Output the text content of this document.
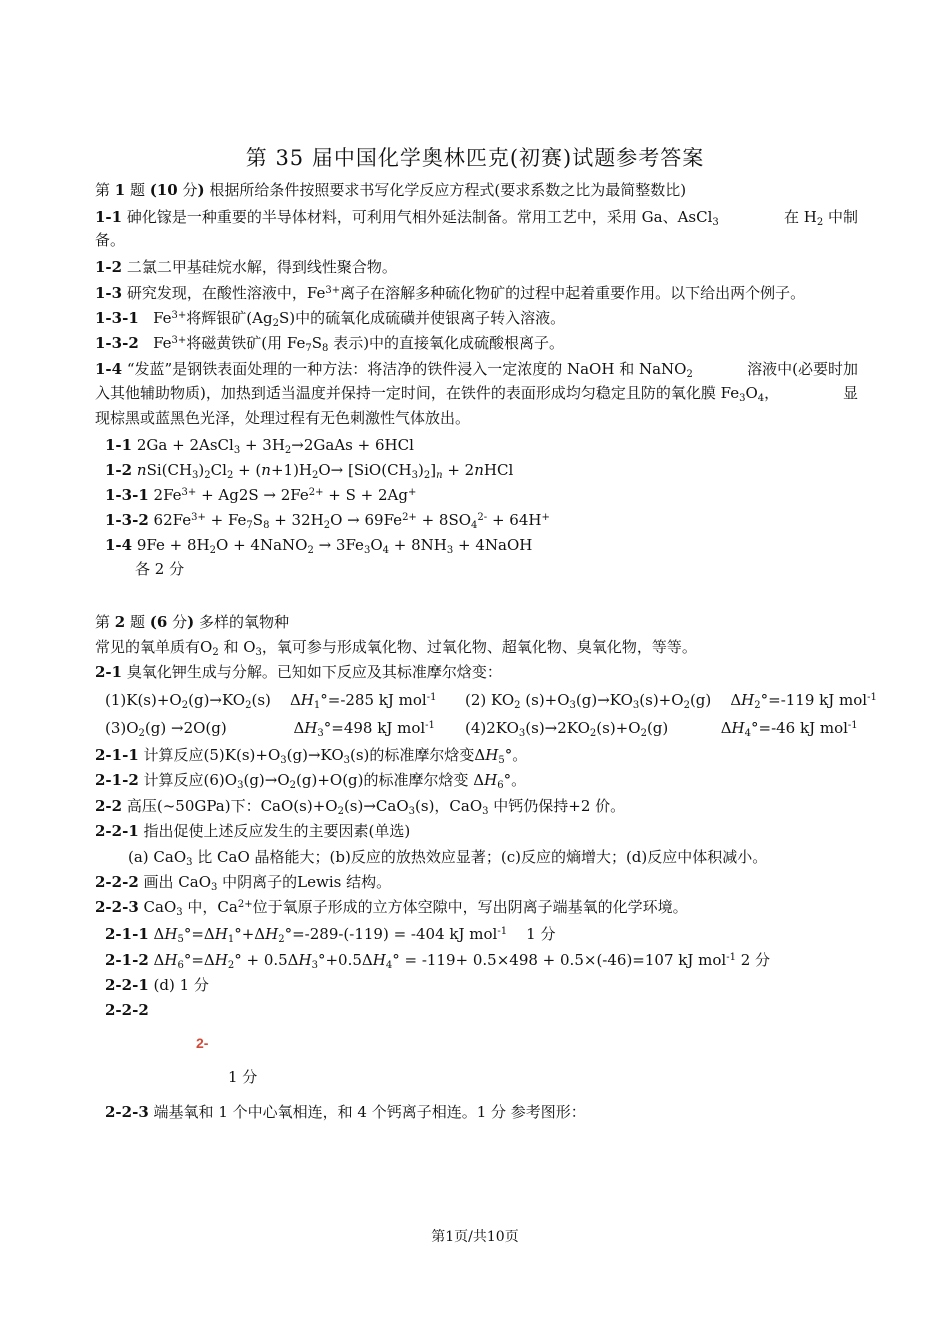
第 35 届中国化学奥林匹克(初赛)试题参考答案
第 1 题 (10 分) 根据所给条件按照要求书写化学反应方程式(要求系数之比为最简整数比)
1-1 砷化镓是一种重要的半导体材料，可利用气相外延法制备。常用工艺中，采用 Ga、AsCl$_3$	在 $H_2$ 中制
备。
1-2 二氯二甲基硅烷水解，得到线性聚合物。
1-3 研究发现，在酸性溶液中，$Fe^{3+}$离子在溶解多种硫化物矿的过程中起着重要作用。以下给出两个例子。
1-3-1   $Fe^{3+}$将辉银矿$(Ag_2S)$中的硫氧化成硫磺并使银离子转入溶液。
1-3-2   $Fe^{3+}$将磁黄铁矿(用 $Fe_7S_8$ 表示)中的直接氧化成硫酸根离子。
1-4 “发蓝”是钢铁表面处理的一种方法：将洁净的铁件浸入一定浓度的 NaOH 和 NaNO$_2$	溶液中(必要时加
入其他辅助物质)，加热到适当温度并保持一定时间，在铁件的表面形成均匀稳定且防的氧化膜 $Fe_3O_4$，	显
现棕黑或蓝黑色光泽，处理过程有无色刺激性气体放出。
1-1 2Ga + 2AsCl$_3$ + $3H_2\to 2GaAs + 6HCl$
1-2 $nSi(CH_3)_2Cl_2 + (n+1)H_2O\to [SiO(CH_3)_2]_n$ + 2nHCl
1-3-1 $2Fe^{3+} + Ag2S \to 2Fe^{2+} + S + 2Ag^+$
1-3-2 $62Fe^{3+} + Fe_7S_8 + 32H_2O \to 69Fe^{2+} + 8SO_4^{2-} + 64H^+$
1-4 $9Fe + 8H_2O$ + 4NaNO$_2$ → $3Fe_3O_4 + 8NH_3$ + 4NaOH
各 2 分
第 2 题 (6 分) 多样的氧物种
常见的氧单质有$O_2$ 和 $O_3$，氧可参与形成氧化物、过氧化物、超氧化物、臭氧化物，等等。
2-1 臭氧化钾生成与分解。已知如下反应及其标准摩尔焓变：
$(1)K(s)+O_2(g)\to KO_2(s)$    $\Delta H_1^\circ=-285$ kJ mol$^{-1}$	(2) $KO_2$ $(s)+O_3(g)\to KO_3(s)+O_2(g)$    $\Delta H_2^\circ=-119$ kJ mol$^{-1}$
$(3)O_2(g) \to 2O(g)$              $\Delta H_3^\circ=498$ kJ mol$^{-1}$	$(4)2KO_3(s)\to 2KO_2(s)+O_2(g)$           $\Delta H_4^\circ=-46$ kJ mol$^{-1}$
2-1-1 计算反应$(5)K(s)+O_3(g)\to KO_3(s)$的标准摩尔焓变$\Delta H_5^\circ$。
2-1-2 计算反应$(6)O_3(g)\to O_2(g)+O(g)$的标准摩尔焓变 $\Delta H_6^\circ$。
2-2 高压(~50GPa)下：$CaO(s)+O_2(s)\to CaO_3(s)$，CaO$_3$ 中钙仍保持+2 价。
2-2-1 指出促使上述反应发生的主要因素(单选)
(a) CaO$_3$ 比 CaO 晶格能大；(b)反应的放热效应显著；(c)反应的熵增大；(d)反应中体积减小。
2-2-2 画出 CaO$_3$ 中阴离子的Lewis 结构。
2-2-3 CaO$_3$ 中，$Ca^{2+}$位于氧原子形成的立方体空隙中，写出阴离子端基氧的化学环境。
2-1-1 $\Delta H_5^\circ=\Delta H_1^\circ+\Delta H_2^\circ=-289-(-119) = -404$ kJ mol$^{-1}$    1 分
2-1-2 $\Delta H_6^\circ=\Delta H_2^\circ + 0.5\Delta H_3^\circ+0.5\Delta H_4^\circ = -119+ 0.5\times 498 + 0.5\times(-46)=107$ kJ mol$^{-1}$ 2 分
2-2-1 (d) 1 分
2-2-2
2-
1 分
2-2-3 端基氧和 1 个中心氧相连，和 4 个钙离子相连。1 分 参考图形：
第1页/共10页
